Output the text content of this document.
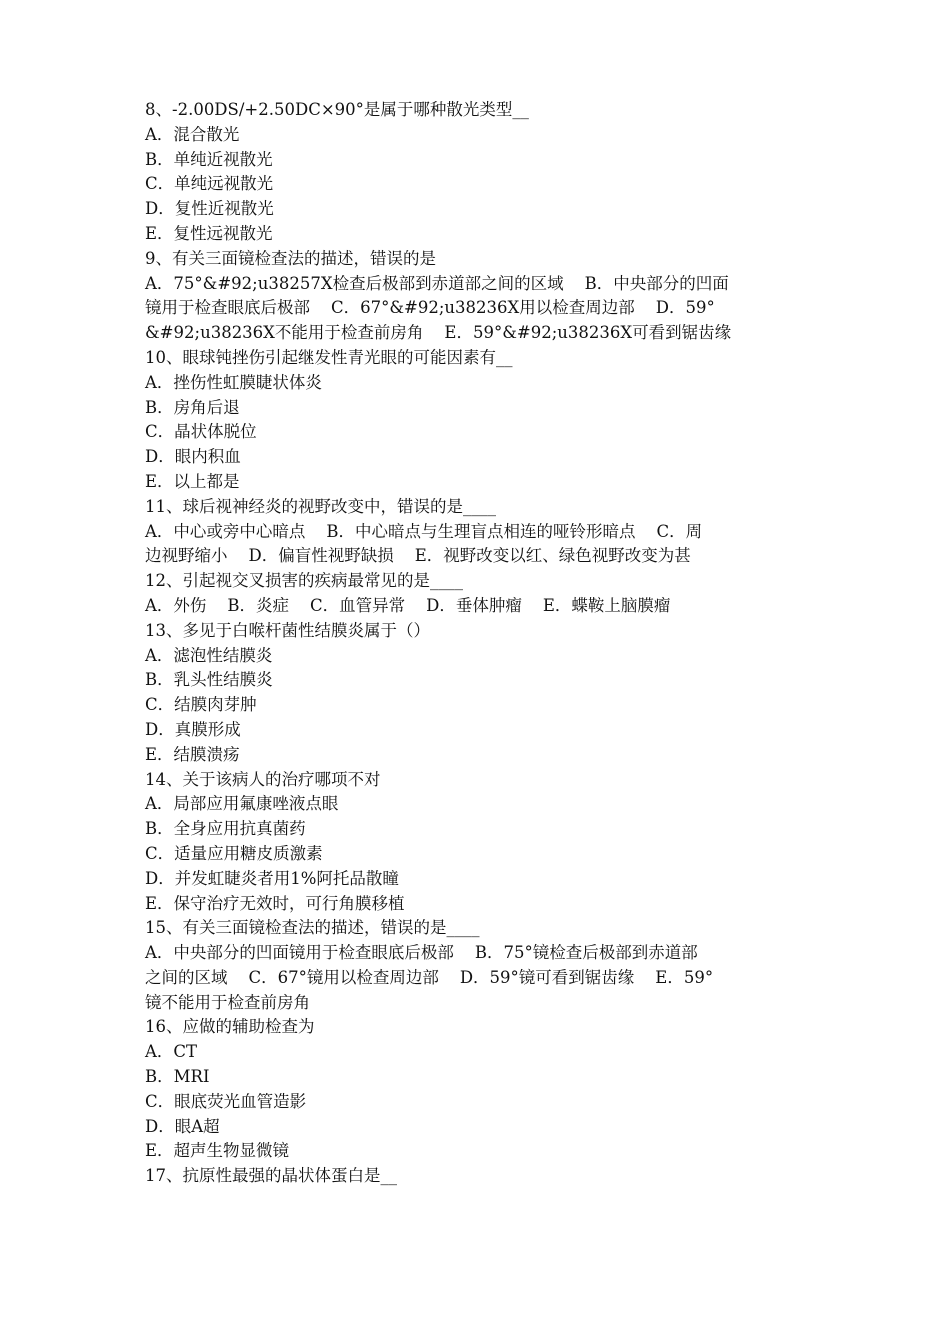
8、-2.00DS/+2.50DC×90°是属于哪种散光类型__
A．混合散光
B．单纯近视散光
C．单纯远视散光
D．复性近视散光
E．复性远视散光
9、有关三面镜检查法的描述，错误的是
A．75°&#92;u38257X检查后极部到赤道部之间的区域    B．中央部分的凹面
镜用于检查眼底后极部    C．67°&#92;u38236X用以检查周边部    D．59°
&#92;u38236X不能用于检查前房角    E．59°&#92;u38236X可看到锯齿缘
10、眼球钝挫伤引起继发性青光眼的可能因素有__
A．挫伤性虹膜睫状体炎
B．房角后退
C．晶状体脱位
D．眼内积血
E．以上都是
11、球后视神经炎的视野改变中，错误的是____
A．中心或旁中心暗点    B．中心暗点与生理盲点相连的哑铃形暗点    C．周
边视野缩小    D．偏盲性视野缺损    E．视野改变以红、绿色视野改变为甚
12、引起视交叉损害的疾病最常见的是____
A．外伤    B．炎症    C．血管异常    D．垂体肿瘤    E．蝶鞍上脑膜瘤
13、多见于白喉杆菌性结膜炎属于（）
A．滤泡性结膜炎
B．乳头性结膜炎
C．结膜肉芽肿
D．真膜形成
E．结膜溃疡
14、关于该病人的治疗哪项不对
A．局部应用氟康唑液点眼
B．全身应用抗真菌药
C．适量应用糖皮质激素
D．并发虹睫炎者用1%阿托品散瞳
E．保守治疗无效时，可行角膜移植
15、有关三面镜检查法的描述，错误的是____
A．中央部分的凹面镜用于检查眼底后极部    B．75°镜检查后极部到赤道部
之间的区域    C．67°镜用以检查周边部    D．59°镜可看到锯齿缘    E．59°
镜不能用于检查前房角
16、应做的辅助检查为
A．CT
B．MRI
C．眼底荧光血管造影
D．眼A超
E．超声生物显微镜
17、抗原性最强的晶状体蛋白是__
